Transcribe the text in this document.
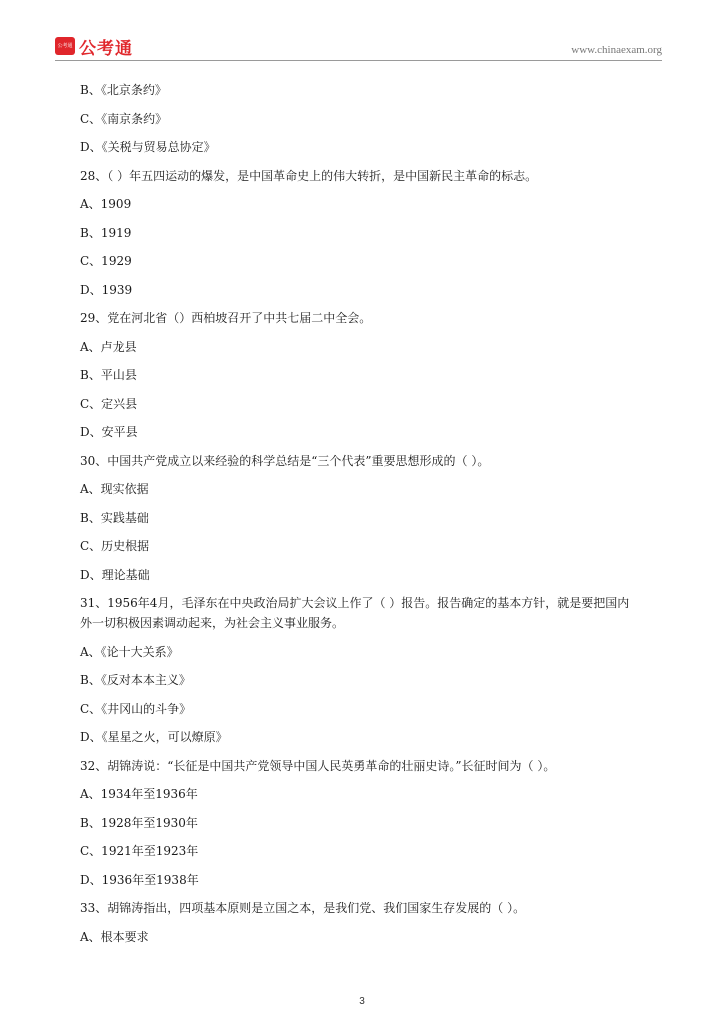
公考通 公考通	www.chinaexam.org
B、《北京条约》
C、《南京条约》
D、《关税与贸易总协定》
28、（ ）年五四运动的爆发，是中国革命史上的伟大转折，是中国新民主革命的标志。
A、1909
B、1919
C、1929
D、1939
29、党在河北省（）西柏坡召开了中共七届二中全会。
A、卢龙县
B、平山县
C、定兴县
D、安平县
30、中国共产党成立以来经验的科学总结是“三个代表”重要思想形成的（ ）。
A、现实依据
B、实践基础
C、历史根据
D、理论基础
31、1956年4月，毛泽东在中央政治局扩大会议上作了（ ）报告。报告确定的基本方针，就是要把国内
外一切积极因素调动起来，为社会主义事业服务。
A、《论十大关系》
B、《反对本本主义》
C、《井冈山的斗争》
D、《星星之火，可以燎原》
32、胡锦涛说：“长征是中国共产党领导中国人民英勇革命的壮丽史诗。”长征时间为（ ）。
A、1934年至1936年
B、1928年至1930年
C、1921年至1923年
D、1936年至1938年
33、胡锦涛指出，四项基本原则是立国之本，是我们党、我们国家生存发展的（ ）。
A、根本要求
3
